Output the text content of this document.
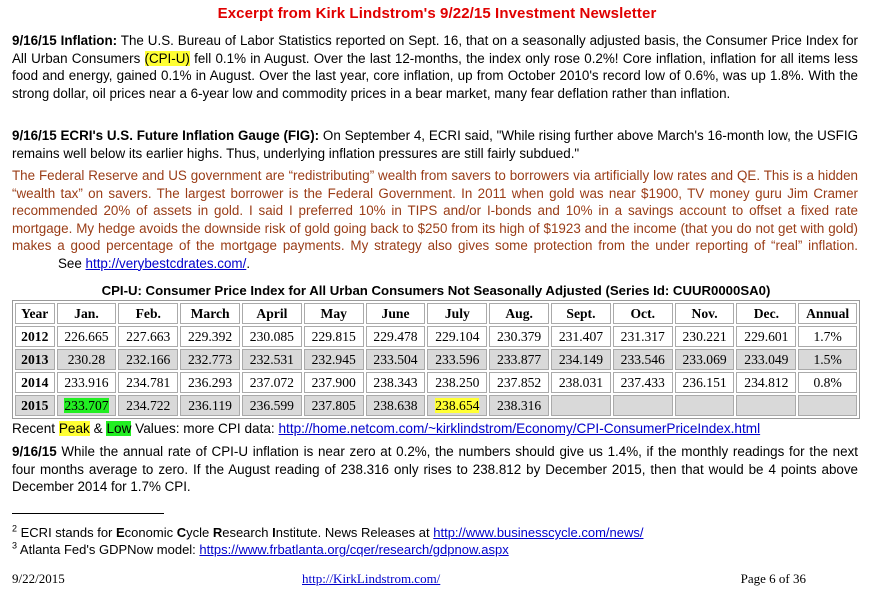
Excerpt from Kirk Lindstrom's 9/22/15 Investment Newsletter

9/16/15 Inflation: The U.S. Bureau of Labor Statistics reported on Sept. 16, that on a seasonally adjusted basis, the Consumer Price Index for All Urban Consumers (CPI-U) fell 0.1% in August. Over the last 12-months, the index only rose 0.2%! Core inflation, inflation for all items less food and energy, gained 0.1% in August. Over the last year, core inflation, up from October 2010's record low of 0.6%, was up 1.8%. With the strong dollar, oil prices near a 6-year low and commodity prices in a bear market, many fear deflation rather than inflation.

9/16/15 ECRI's U.S. Future Inflation Gauge (FIG): On September 4, ECRI said, "While rising further above March's 16-month low, the USFIG remains well below its earlier highs. Thus, underlying inflation pressures are still fairly subdued."

The Federal Reserve and US government are “redistributing” wealth from savers to borrowers via artificially low rates and QE. This is a hidden “wealth tax” on savers. The largest borrower is the Federal Government. In 2011 when gold was near $1900, TV money guru Jim Cramer recommended 20% of assets in gold. I said I preferred 10% in TIPS and/or I-bonds and 10% in a savings account to offset a fixed rate mortgage. My hedge avoids the downside risk of gold going back to $250 from its high of $1923 and the income (that you do not get with gold) makes a good percentage of the mortgage payments. My strategy also gives some protection from the under reporting of “real” inflation.See http://verybestcdrates.com/.

CPI-U: Consumer Price Index for All Urban Consumers Not Seasonally Adjusted (Series Id: CUUR0000SA0)
Year	Jan.	Feb.	March	April	May	June	July	Aug.	Sept.	Oct.	Nov.	Dec.	Annual
2012	226.665	227.663	229.392	230.085	229.815	229.478	229.104	230.379	231.407	231.317	230.221	229.601	1.7%
2013	230.28	232.166	232.773	232.531	232.945	233.504	233.596	233.877	234.149	233.546	233.069	233.049	1.5%
2014	233.916	234.781	236.293	237.072	237.900	238.343	238.250	237.852	238.031	237.433	236.151	234.812	0.8%
2015	233.707	234.722	236.119	236.599	237.805	238.638	238.654	238.316					
Recent Peak & Low Values: more CPI data: http://home.netcom.com/~kirklindstrom/Economy/CPI-ConsumerPriceIndex.html

9/16/15 While the annual rate of CPI-U inflation is near zero at 0.2%, the numbers should give us 1.4%, if the monthly readings for the next four months average to zero. If the August reading of 238.316 only rises to 238.812 by December 2015, then that would be 4 points above December 2014 for 1.7% CPI.

$^2$ ECRI stands for Economic Cycle Research Institute. News Releases at http://www.businesscycle.com/news/
$^3$ Atlanta Fed's GDPNow model: https://www.frbatlanta.org/cqer/research/gdpnow.aspx
9/22/2015	http://KirkLindstrom.com/	Page 6 of 36
